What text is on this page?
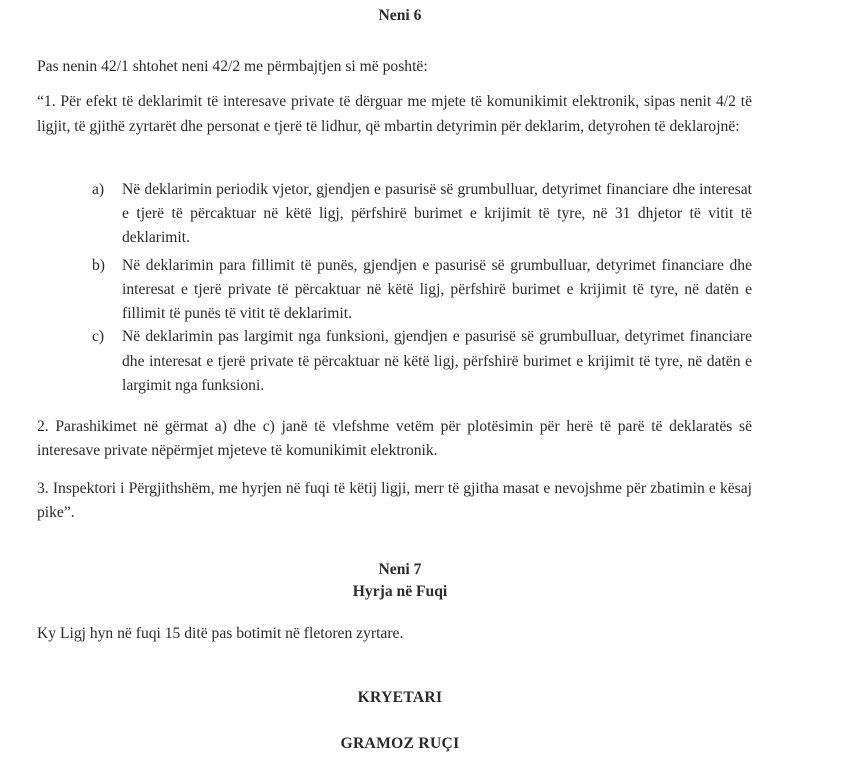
Neni 6
Pas nenin 42/1 shtohet neni 42/2 me përmbajtjen si më poshtë:
“1. Për efekt të deklarimit të interesave private të dërguar me mjete të komunikimit elektronik, sipas nenit 4/2 të ligjit, të gjithë zyrtarët dhe personat e tjerë të lidhur, që mbartin detyrimin për deklarim, detyrohen të deklarojnë:
a)	Në deklarimin periodik vjetor, gjendjen e pasurisë së grumbulluar, detyrimet financiare dhe interesat e tjerë të përcaktuar në këtë ligj, përfshirë burimet e krijimit të tyre, në 31 dhjetor të vitit të deklarimit.
b)	Në deklarimin para fillimit të punës, gjendjen e pasurisë së grumbulluar, detyrimet financiare dhe interesat e tjerë private të përcaktuar në këtë ligj, përfshirë burimet e krijimit të tyre, në datën e fillimit të punës të vitit të deklarimit.
c)	Në deklarimin pas largimit nga funksioni, gjendjen e pasurisë së grumbulluar, detyrimet financiare dhe interesat e tjerë private të përcaktuar në këtë ligj, përfshirë burimet e krijimit të tyre, në datën e largimit nga funksioni.
2. Parashikimet në gërmat a) dhe c) janë të vlefshme vetëm për plotësimin për herë të parë të deklaratës së interesave private nëpërmjet mjeteve të komunikimit elektronik.
3. Inspektori i Përgjithshëm, me hyrjen në fuqi të këtij ligji, merr të gjitha masat e nevojshme për zbatimin e kësaj pike”.
Neni 7
Hyrja në Fuqi
Ky Ligj hyn në fuqi 15 ditë pas botimit në fletoren zyrtare.
KRYETARI
GRAMOZ RUÇI
